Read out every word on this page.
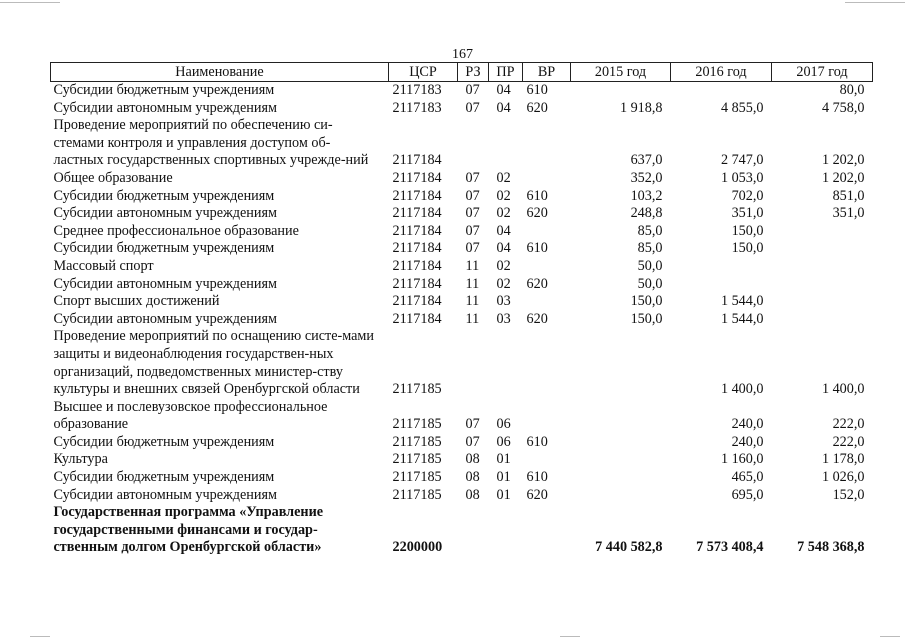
167
Наименование	ЦСР	РЗ	ПР	ВР	2015 год	2016 год	2017 год
Субсидии бюджетным учреждениям	2117183	07	04	610			80,0
Субсидии автономным учреждениям	2117183	07	04	620	1 918,8	4 855,0	4 758,0
Проведение мероприятий по обеспечению си-стемами контроля и управления доступом об-ластных государственных спортивных учрежде-ний	2117184				637,0	2 747,0	1 202,0
Общее образование	2117184	07	02		352,0	1 053,0	1 202,0
Субсидии бюджетным учреждениям	2117184	07	02	610	103,2	702,0	851,0
Субсидии автономным учреждениям	2117184	07	02	620	248,8	351,0	351,0
Среднее профессиональное образование	2117184	07	04		85,0	150,0	
Субсидии бюджетным учреждениям	2117184	07	04	610	85,0	150,0	
Массовый спорт	2117184	11	02		50,0		
Субсидии автономным учреждениям	2117184	11	02	620	50,0		
Спорт высших достижений	2117184	11	03		150,0	1 544,0	
Субсидии автономным учреждениям	2117184	11	03	620	150,0	1 544,0	
Проведение мероприятий по оснащению систе-мами защиты и видеонаблюдения государствен-ных организаций, подведомственных министер-ству культуры и внешних связей Оренбургской области	2117185					1 400,0	1 400,0
Высшее и послевузовское профессиональное образование	2117185	07	06			240,0	222,0
Субсидии бюджетным учреждениям	2117185	07	06	610		240,0	222,0
Культура	2117185	08	01			1 160,0	1 178,0
Субсидии бюджетным учреждениям	2117185	08	01	610		465,0	1 026,0
Субсидии автономным учреждениям	2117185	08	01	620		695,0	152,0
Государственная программа «Управление государственными финансами и государ-ственным долгом Оренбургской области»	2200000				7 440 582,8	7 573 408,4	7 548 368,8
